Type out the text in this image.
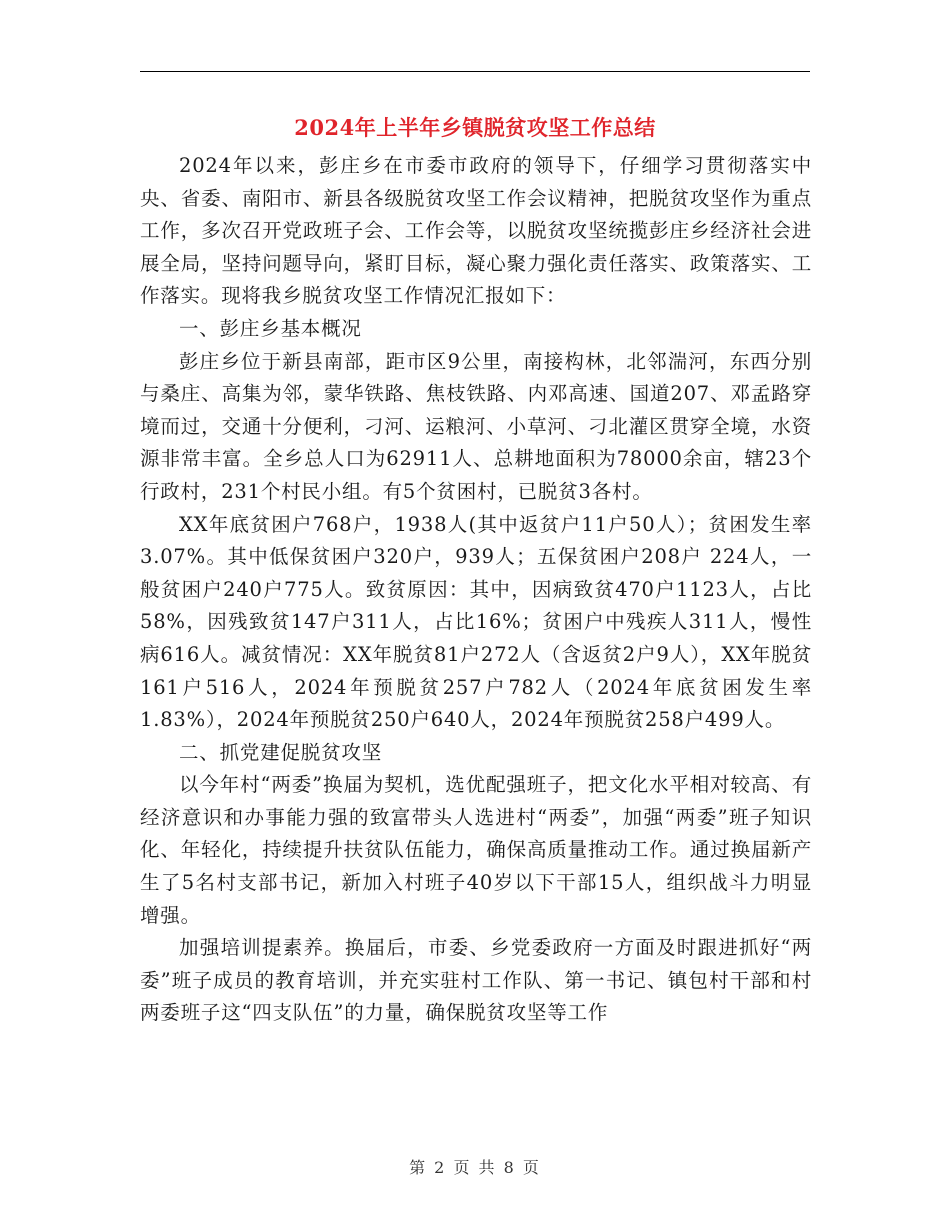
2024年上半年乡镇脱贫攻坚工作总结

2024年以来，彭庄乡在市委市政府的领导下，仔细学习贯彻落实中央、省委、南阳市、新县各级脱贫攻坚工作会议精神，把脱贫攻坚作为重点工作，多次召开党政班子会、工作会等，以脱贫攻坚统揽彭庄乡经济社会进展全局，坚持问题导向，紧盯目标，凝心聚力强化责任落实、政策落实、工作落实。现将我乡脱贫攻坚工作情况汇报如下：

一、彭庄乡基本概况

彭庄乡位于新县南部，距市区9公里，南接构林，北邻湍河，东西分别与桑庄、高集为邻，蒙华铁路、焦枝铁路、内邓高速、国道207、邓孟路穿境而过，交通十分便利，刁河、运粮河、小草河、刁北灌区贯穿全境，水资源非常丰富。全乡总人口为62911人、总耕地面积为78000余亩，辖23个行政村，231个村民小组。有5个贫困村，已脱贫3各村。

XX年底贫困户768户，1938人(其中返贫户11户50人）；贫困发生率3.07%。其中低保贫困户320户，939人；五保贫困户208户 224人，一般贫困户240户775人。致贫原因：其中，因病致贫470户1123人，占比58%，因残致贫147户311人，占比16%；贫困户中残疾人311人，慢性病616人。减贫情况：XX年脱贫81户272人（含返贫2户9人），XX年脱贫161户516人，2024年预脱贫257户782人（2024年底贫困发生率1.83%），2024年预脱贫250户640人，2024年预脱贫258户499人。

二、抓党建促脱贫攻坚

以今年村“两委”换届为契机，选优配强班子，把文化水平相对较高、有经济意识和办事能力强的致富带头人选进村“两委”，加强“两委”班子知识化、年轻化，持续提升扶贫队伍能力，确保高质量推动工作。通过换届新产生了5名村支部书记，新加入村班子40岁以下干部15人，组织战斗力明显增强。

加强培训提素养。换届后，市委、乡党委政府一方面及时跟进抓好“两委”班子成员的教育培训，并充实驻村工作队、第一书记、镇包村干部和村两委班子这“四支队伍”的力量，确保脱贫攻坚等工作

第 2 页 共 8 页
